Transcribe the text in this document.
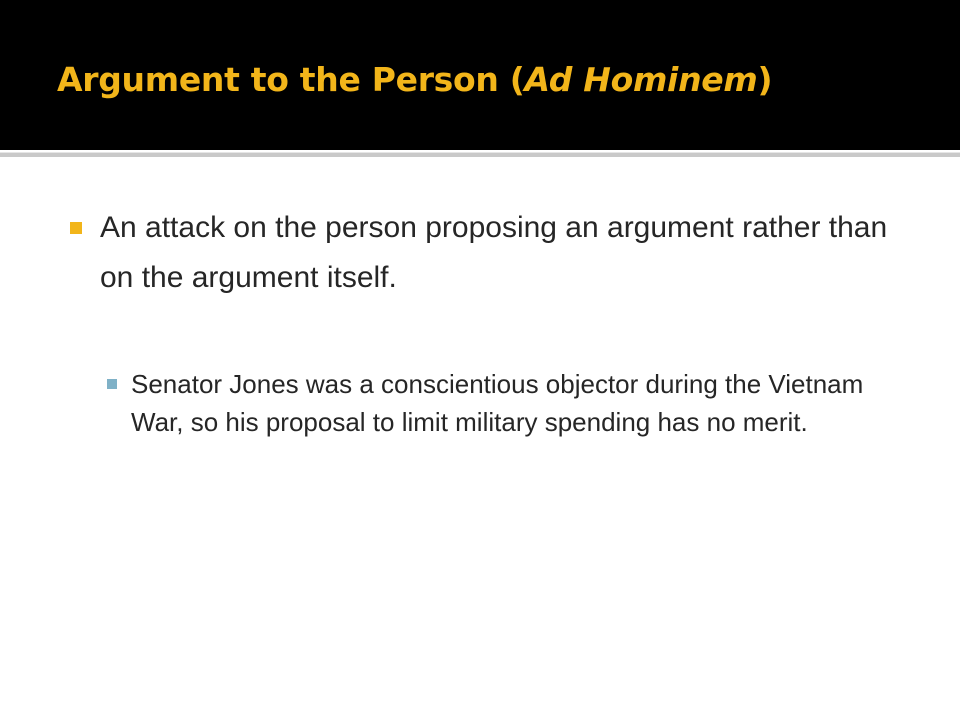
Argument to the Person (Ad Hominem)

An attack on the person proposing an argument rather than on the argument itself.

Senator Jones was a conscientious objector during the Vietnam War, so his proposal to limit military spending has no merit.
